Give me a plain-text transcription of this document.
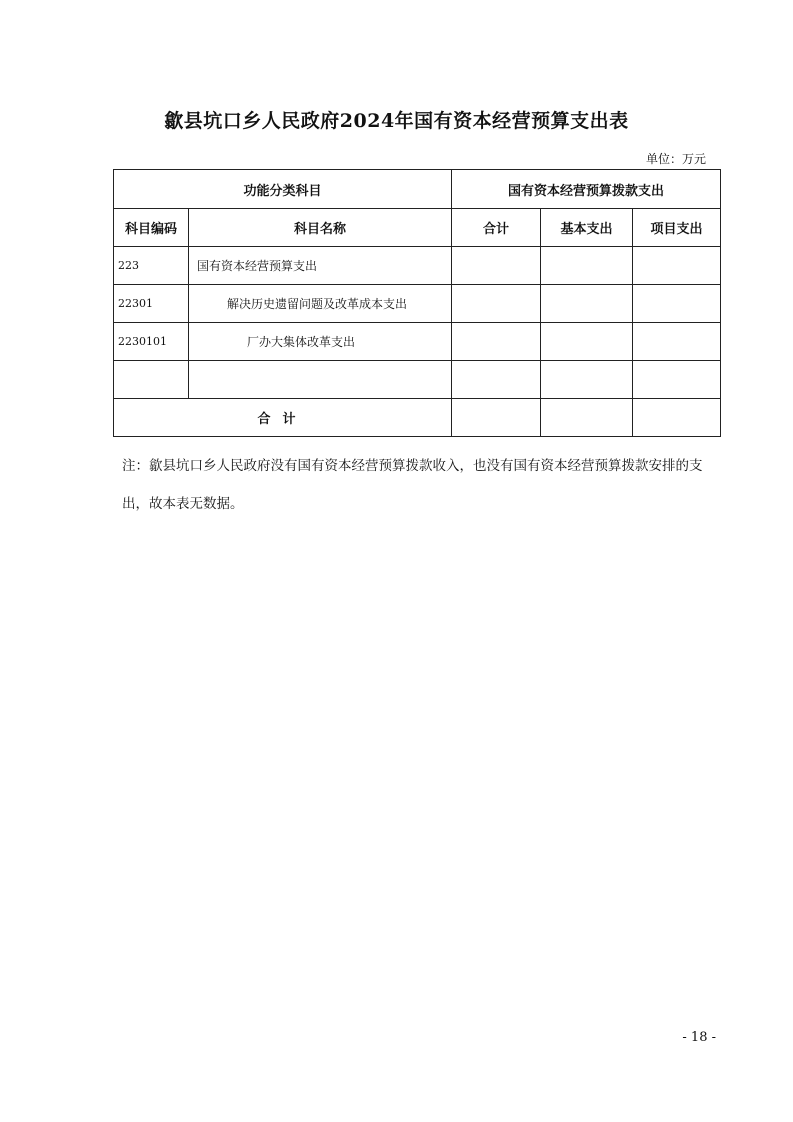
歙县坑口乡人民政府2024年国有资本经营预算支出表
单位：万元
功能分类科目		国有资本经营预算拨款支出		
科目编码	科目名称	合计	基本支出	项目支出
223	国有资本经营预算支出			
22301	解决历史遗留问题及改革成本支出			
2230101	厂办大集体改革支出			

合计				
注：歙县坑口乡人民政府没有国有资本经营预算拨款收入，也没有国有资本经营预算拨款安排的支出，故本表无数据。
- 18 -
